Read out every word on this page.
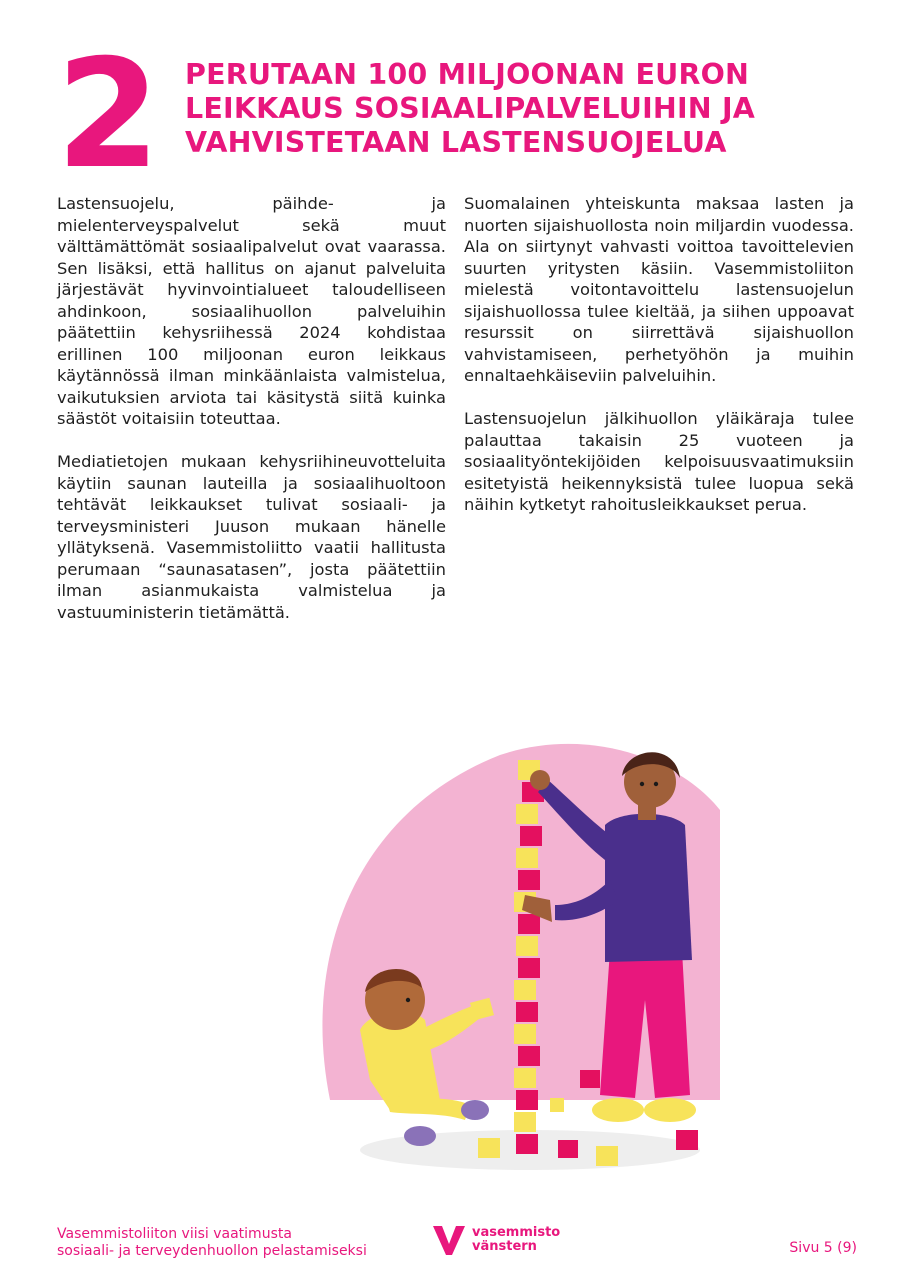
2 PERUTAAN 100 MILJOONAN EURON
LEIKKAUS SOSIAALIPALVELUIHIN JA
VAHVISTETAAN LASTENSUOJELUA

Lastensuojelu, päihde- ja mielenterveyspalvelut sekä muut välttämättömät sosiaalipalvelut ovat vaarassa. Sen lisäksi, että hallitus on ajanut palveluita järjestävät hyvinvointialueet taloudelliseen ahdinkoon, sosiaalihuollon palveluihin päätettiin kehysriihessä 2024 kohdistaa erillinen 100 miljoonan euron leikkaus käytännössä ilman minkäänlaista valmistelua, vaikutuksien arviota tai käsitystä siitä kuinka säästöt voitaisiin toteuttaa.

Mediatietojen mukaan kehysriihineuvotteluita käytiin saunan lauteilla ja sosiaalihuoltoon tehtävät leikkaukset tulivat sosiaali- ja terveysministeri Juuson mukaan hänelle yllätyksenä. Vasemmistoliitto vaatii hallitusta perumaan “saunasatasen”, josta päätettiin ilman asianmukaista valmistelua ja vastuuministerin tietämättä.

Suomalainen yhteiskunta maksaa lasten ja nuorten sijaishuollosta noin miljardin vuodessa. Ala on siirtynyt vahvasti voittoa tavoittelevien suurten yritysten käsiin. Vasemmistoliiton mielestä voitontavoittelu lastensuojelun sijaishuollossa tulee kieltää, ja siihen uppoavat resurssit on siirrettävä sijaishuollon vahvistamiseen, perhetyöhön ja muihin ennaltaehkäiseviin palveluihin.

Lastensuojelun jälkihuollon yläikäraja tulee palauttaa takaisin 25 vuoteen ja sosiaalityöntekijöiden kelpoisuusvaatimuksiin esitetyistä heikennyksistä tulee luopua sekä näihin kytketyt rahoitusleikkaukset perua.

Vasemmistoliiton viisi vaatimusta
sosiaali- ja terveydenhuollon pelastamiseksi
vasemmisto
vänstern	Sivu 5 (9)
